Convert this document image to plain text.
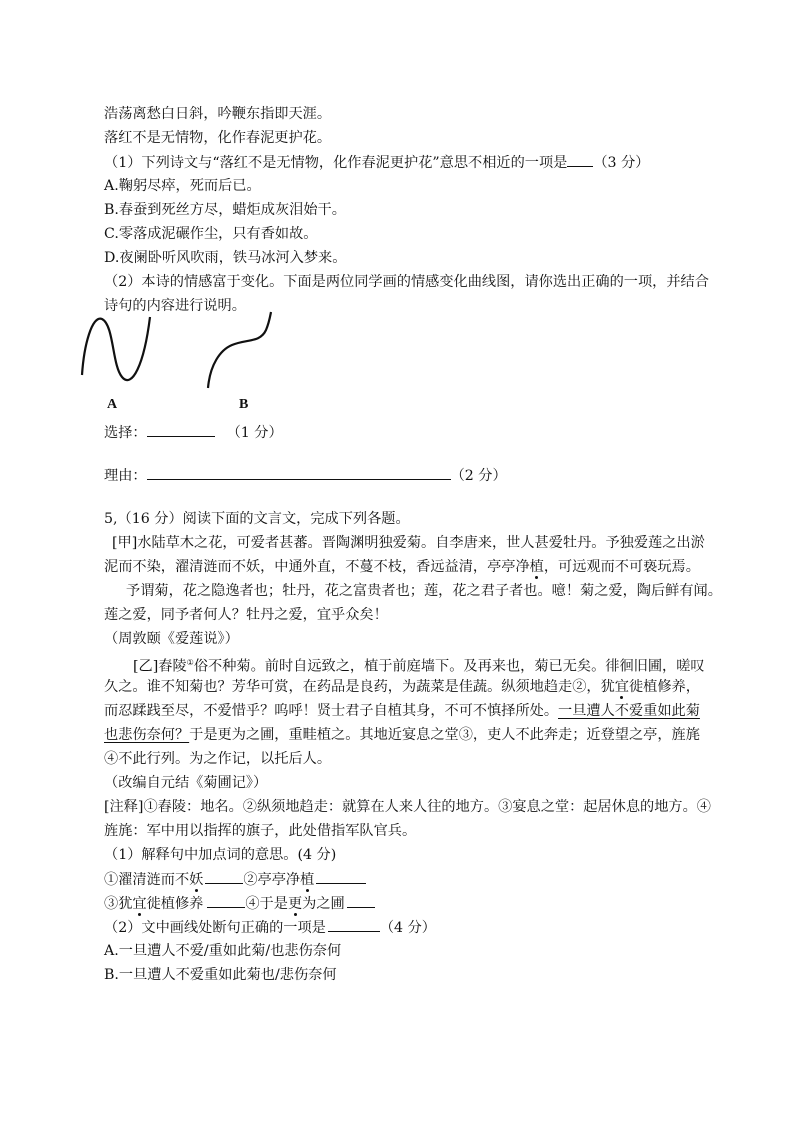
浩荡离愁白日斜，吟鞭东指即天涯。
落红不是无情物，化作春泥更护花。
（1）下列诗文与“落红不是无情物，化作春泥更护花”意思不相近的一项是 （3 分）
A.鞠躬尽瘁，死而后已。
B.春蚕到死丝方尽，蜡炬成灰泪始干。
C.零落成泥碾作尘，只有香如故。
D.夜阑卧听风吹雨，铁马冰河入梦来。
（2）本诗的情感富于变化。下面是两位同学画的情感变化曲线图，请你选出正确的一项，并结合
诗句的内容进行说明。
A	B
选择：	（1 分）
理由：	（2 分）
5,（16 分）阅读下面的文言文，完成下列各题。
[甲]水陆草木之花，可爱者甚蕃。晋陶渊明独爱菊。自李唐来，世人甚爱牡丹。予独爱莲之出淤
泥而不染，濯清涟而不妖，中通外直，不蔓不枝，香远益清，亭亭净植，可远观而不可亵玩焉。
予谓菊，花之隐逸者也；牡丹，花之富贵者也；莲，花之君子者也。噫！菊之爱，陶后鲜有闻。
莲之爱，同予者何人？牡丹之爱，宜乎众矣！
（周敦颐《爱莲说》）
[乙]舂陵①俗不种菊。前时自远致之，植于前庭墙下。及再来也，菊已无矣。徘徊旧圃，嗟叹
久之。谁不知菊也？芳华可赏，在药品是良药，为蔬菜是佳蔬。纵须地趋走②，犹宜徙植修养，
而忍蹂践至尽，不爱惜乎？呜呼！贤士君子自植其身，不可不慎择所处。一旦遭人不爱重如此菊
也悲伤奈何？于是更为之圃，重畦植之。其地近宴息之堂③，吏人不此奔走；近登望之亭，旌旄
④不此行列。为之作记，以托后人。
（改编自元结《菊圃记》）
[注释]①舂陵：地名。②纵须地趋走：就算在人来人往的地方。③宴息之堂：起居休息的地方。④
旌旄：军中用以指挥的旗子，此处借指军队官兵。
（1）解释句中加点词的意思。(4 分)
①濯清涟而不妖	②亭亭净植
③犹宜徙植修养	④于是更为之圃
（2）文中画线处断句正确的一项是	（4 分）
A.一旦遭人不爱/重如此菊/也悲伤奈何
B.一旦遭人不爱重如此菊也/悲伤奈何
